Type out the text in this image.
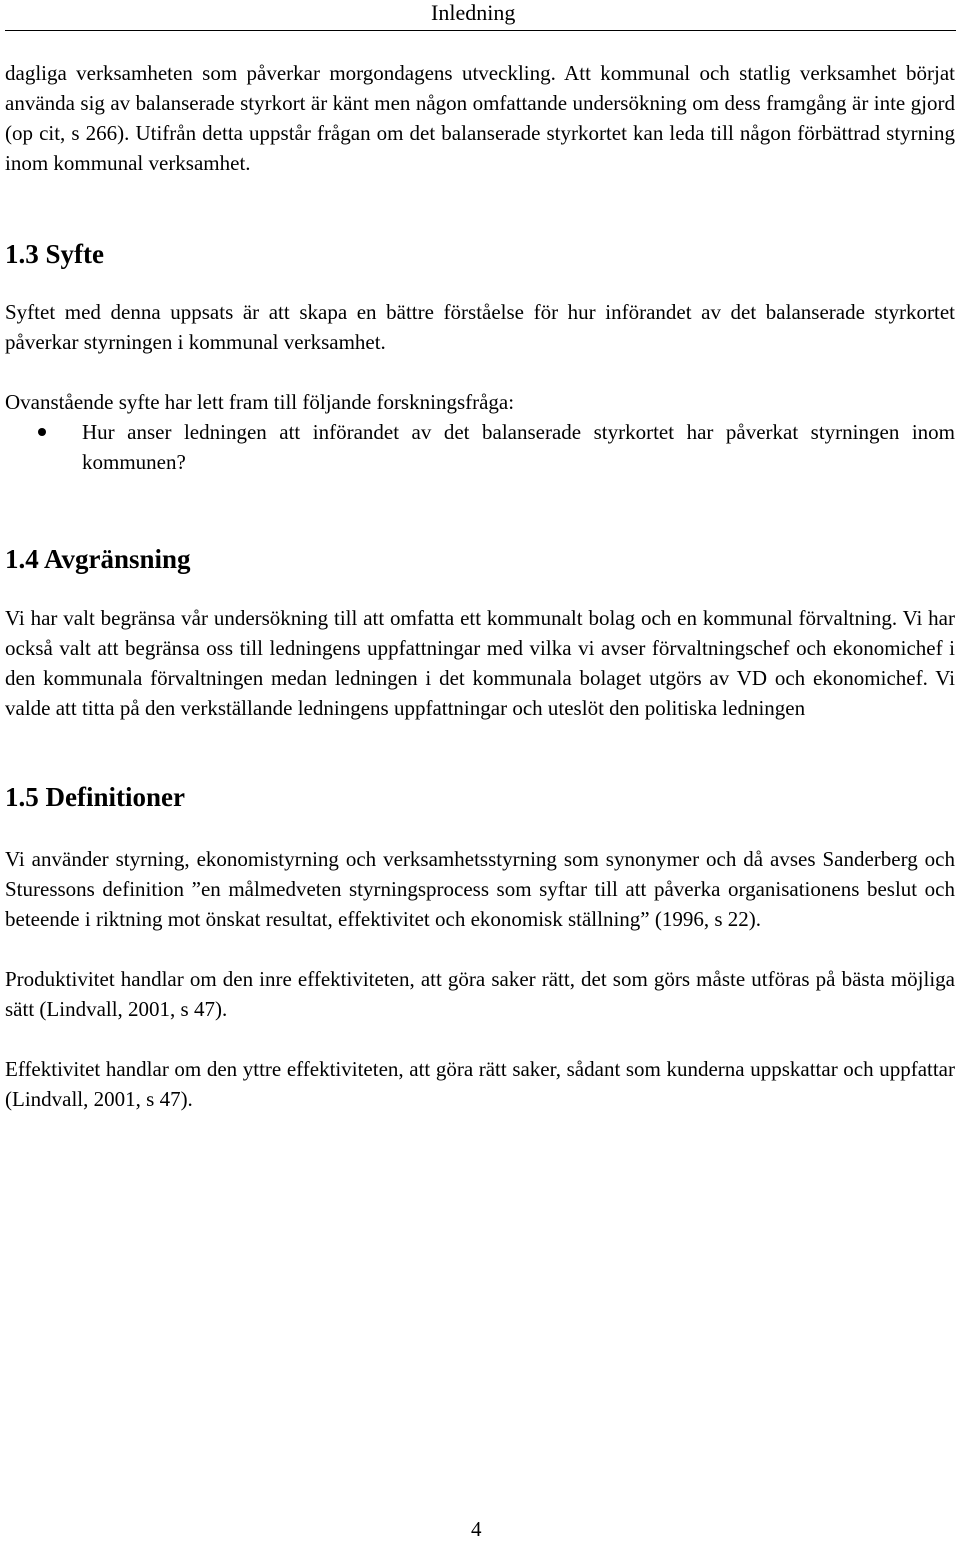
Inledning

dagliga verksamheten som påverkar morgondagens utveckling. Att kommunal och statlig verksamhet börjat använda sig av balanserade styrkort är känt men någon omfattande undersökning om dess framgång är inte gjord (op cit, s 266). Utifrån detta uppstår frågan om det balanserade styrkortet kan leda till någon förbättrad styrning inom kommunal verksamhet.

1.3 Syfte

Syftet med denna uppsats är att skapa en bättre förståelse för hur införandet av det balanserade styrkortet påverkar styrningen i kommunal verksamhet.

Ovanstående syfte har lett fram till följande forskningsfråga:

Hur anser ledningen att införandet av det balanserade styrkortet har påverkat styrningen inom kommunen?
1.4 Avgränsning

Vi har valt begränsa vår undersökning till att omfatta ett kommunalt bolag och en kommunal förvaltning. Vi har också valt att begränsa oss till ledningens uppfattningar med vilka vi avser förvaltningschef och ekonomichef i den kommunala förvaltningen medan ledningen i det kommunala bolaget utgörs av VD och ekonomichef. Vi valde att titta på den verkställande ledningens uppfattningar och uteslöt den politiska ledningen

1.5 Definitioner

Vi använder styrning, ekonomistyrning och verksamhetsstyrning som synonymer och då avses Sanderberg och Sturessons definition ”en målmedveten styrningsprocess som syftar till att påverka organisationens beslut och beteende i riktning mot önskat resultat, effektivitet och ekonomisk ställning” (1996, s 22).

Produktivitet handlar om den inre effektiviteten, att göra saker rätt, det som görs måste utföras på bästa möjliga sätt (Lindvall, 2001, s 47).

Effektivitet handlar om den yttre effektiviteten, att göra rätt saker, sådant som kunderna uppskattar och uppfattar (Lindvall, 2001, s 47).

4
